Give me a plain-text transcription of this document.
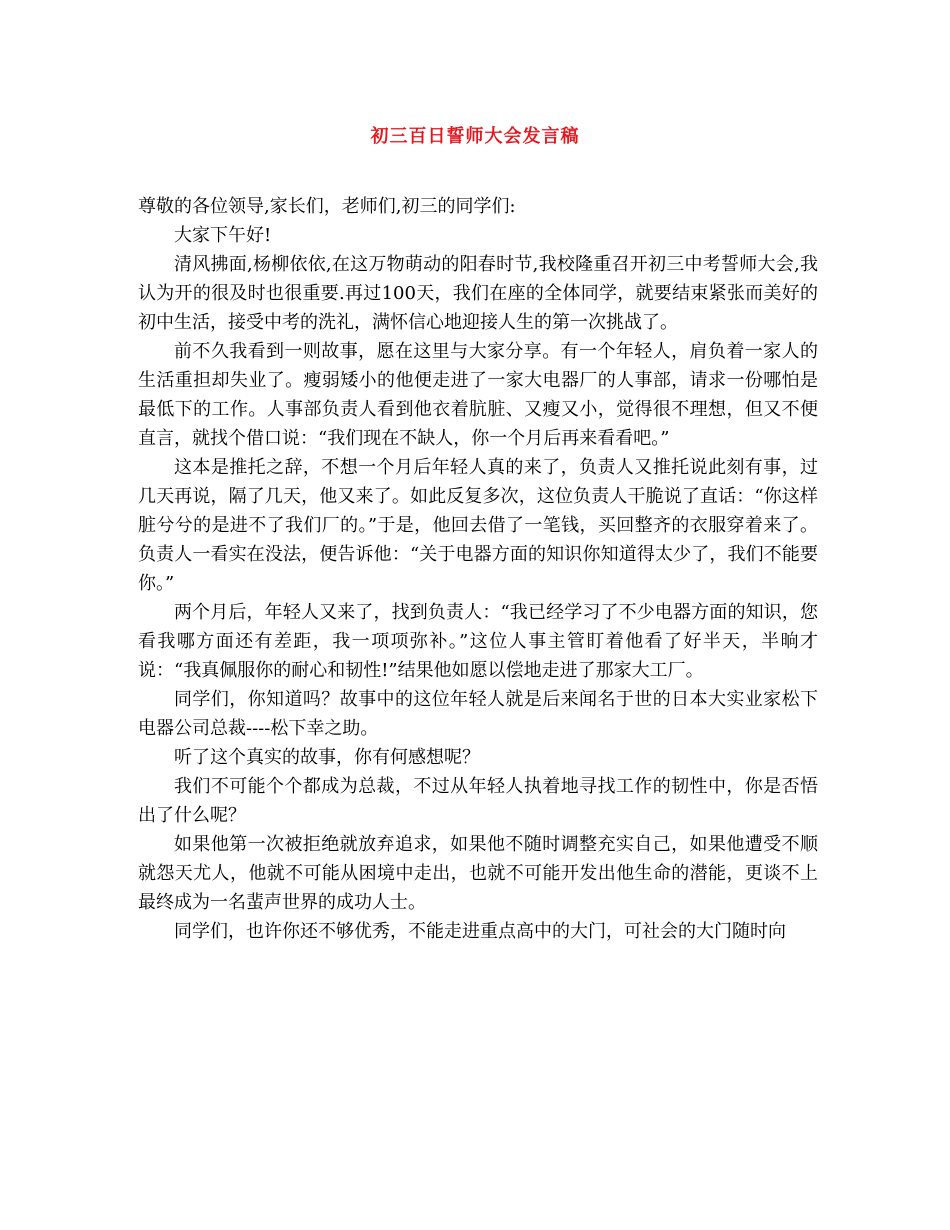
初三百日誓师大会发言稿

尊敬的各位领导,家长们，老师们,初三的同学们:

大家下午好!

清风拂面,杨柳依依,在这万物萌动的阳春时节,我校隆重召开初三中考誓师大会,我认为开的很及时也很重要.再过100天，我们在座的全体同学，就要结束紧张而美好的初中生活，接受中考的洗礼，满怀信心地迎接人生的第一次挑战了。

前不久我看到一则故事，愿在这里与大家分享。有一个年轻人，肩负着一家人的生活重担却失业了。瘦弱矮小的他便走进了一家大电器厂的人事部，请求一份哪怕是最低下的工作。人事部负责人看到他衣着肮脏、又瘦又小，觉得很不理想，但又不便直言，就找个借口说：“我们现在不缺人，你一个月后再来看看吧。”

这本是推托之辞，不想一个月后年轻人真的来了，负责人又推托说此刻有事，过几天再说，隔了几天，他又来了。如此反复多次，这位负责人干脆说了直话：“你这样脏兮兮的是进不了我们厂的。”于是，他回去借了一笔钱，买回整齐的衣服穿着来了。负责人一看实在没法，便告诉他：“关于电器方面的知识你知道得太少了，我们不能要你。”

两个月后，年轻人又来了，找到负责人：“我已经学习了不少电器方面的知识，您看我哪方面还有差距，我一项项弥补。”这位人事主管盯着他看了好半天，半晌才说：“我真佩服你的耐心和韧性!”结果他如愿以偿地走进了那家大工厂。

同学们，你知道吗？故事中的这位年轻人就是后来闻名于世的日本大实业家松下电器公司总裁----松下幸之助。

听了这个真实的故事，你有何感想呢？

我们不可能个个都成为总裁，不过从年轻人执着地寻找工作的韧性中，你是否悟出了什么呢？

如果他第一次被拒绝就放弃追求，如果他不随时调整充实自己，如果他遭受不顺就怨天尤人，他就不可能从困境中走出，也就不可能开发出他生命的潜能，更谈不上最终成为一名蜚声世界的成功人士。

同学们，也许你还不够优秀，不能走进重点高中的大门，可社会的大门随时向
